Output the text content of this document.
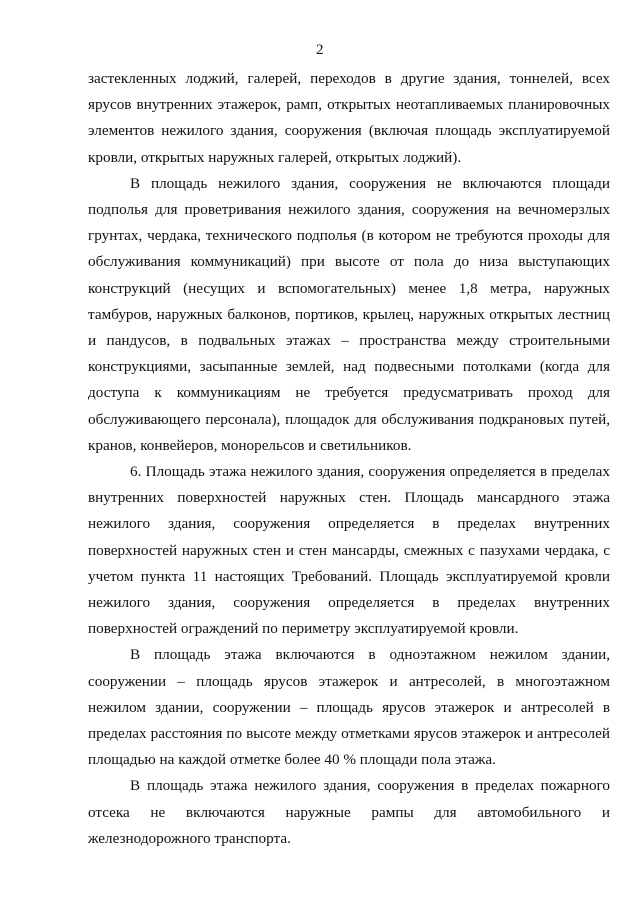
2

застекленных лоджий, галерей, переходов в другие здания, тоннелей, всех ярусов внутренних этажерок, рамп, открытых неотапливаемых планировочных элементов нежилого здания, сооружения (включая площадь эксплуатируемой кровли, открытых наружных галерей, открытых лоджий).

В площадь нежилого здания, сооружения не включаются площади подполья для проветривания нежилого здания, сооружения на вечномерзлых грунтах, чердака, технического подполья (в котором не требуются проходы для обслуживания коммуникаций) при высоте от пола до низа выступающих конструкций (несущих и вспомогательных) менее 1,8 метра, наружных тамбуров, наружных балконов, портиков, крылец, наружных открытых лестниц и пандусов, в подвальных этажах – пространства между строительными конструкциями, засыпанные землей, над подвесными потолками (когда для доступа к коммуникациям не требуется предусматривать проход для обслуживающего персонала), площадок для обслуживания подкрановых путей, кранов, конвейеров, монорельсов и светильников.

6. Площадь этажа нежилого здания, сооружения определяется в пределах внутренних поверхностей наружных стен. Площадь мансардного этажа нежилого здания, сооружения определяется в пределах внутренних поверхностей наружных стен и стен мансарды, смежных с пазухами чердака, с учетом пункта 11 настоящих Требований. Площадь эксплуатируемой кровли нежилого здания, сооружения определяется в пределах внутренних поверхностей ограждений по периметру эксплуатируемой кровли.

В площадь этажа включаются в одноэтажном нежилом здании, сооружении – площадь ярусов этажерок и антресолей, в многоэтажном нежилом здании, сооружении – площадь ярусов этажерок и антресолей в пределах расстояния по высоте между отметками ярусов этажерок и антресолей площадью на каждой отметке более 40 % площади пола этажа.

В площадь этажа нежилого здания, сооружения в пределах пожарного отсека не включаются наружные рампы для автомобильного и железнодорожного транспорта.
